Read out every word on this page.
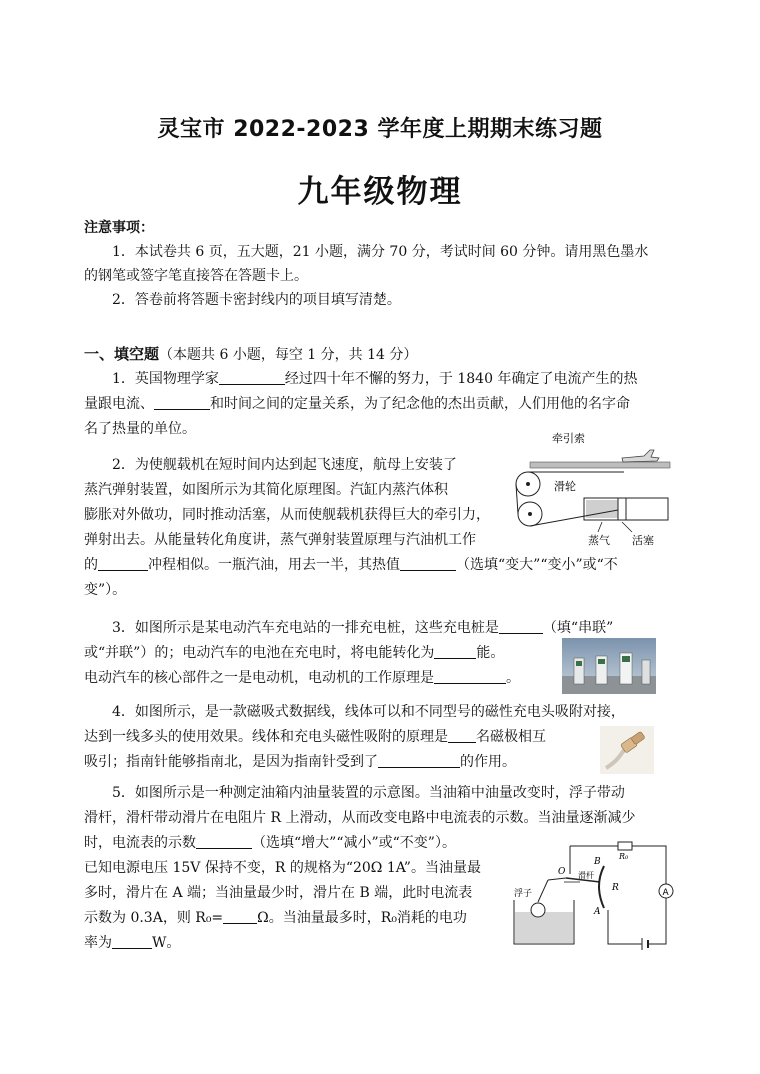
灵宝市 2022-2023 学年度上期期末练习题
九年级物理
注意事项：
1．本试卷共 6 页，五大题，21 小题，满分 70 分，考试时间 60 分钟。请用黑色墨水
的钢笔或签字笔直接答在答题卡上。
2．答卷前将答题卡密封线内的项目填写清楚。
一、填空题（本题共 6 小题，每空 1 分，共 14 分）
1．英国物理学家	经过四十年不懈的努力，于 1840 年确定了电流产生的热
量跟电流、	和时间之间的定量关系，为了纪念他的杰出贡献，人们用他的名字命
名了热量的单位。
2．为使舰载机在短时间内达到起飞速度，航母上安装了
蒸汽弹射装置，如图所示为其简化原理图。汽缸内蒸汽体积
膨胀对外做功，同时推动活塞，从而使舰载机获得巨大的牵引力，
弹射出去。从能量转化角度讲，蒸气弹射装置原理与汽油机工作
的	冲程相似。一瓶汽油，用去一半，其热值	（选填“变大”“变小”或“不
变”）。
牵引索
滑轮
蒸气 活塞
3．如图所示是某电动汽车充电站的一排充电桩，这些充电桩是	（填“串联”
或“并联”）的；电动汽车的电池在充电时，将电能转化为	能。
电动汽车的核心部件之一是电动机，电动机的工作原理是	。
4．如图所示，是一款磁吸式数据线，线体可以和不同型号的磁性充电头吸附对接，
达到一线多头的使用效果。线体和充电头磁性吸附的原理是 名磁极相互
吸引；指南针能够指南北，是因为指南针受到了	的作用。
5．如图所示是一种测定油箱内油量装置的示意图。当油箱中油量改变时，浮子带动
滑杆，滑杆带动滑片在电阻片 R 上滑动，从而改变电路中电流表的示数。当油量逐渐减少
时，电流表的示数	（选填“增大”“减小”或“不变”）。
已知电源电压 15V 保持不变，R 的规格为“20Ω 1A”。当油量最
多时，滑片在 A 端；当油量最少时，滑片在 B 端，此时电流表
示数为 0.3A，则 R₀= Ω。当油量最多时，R₀消耗的电功
率为	W。
R₀
A
B
A
R
O 滑杆
浮子
